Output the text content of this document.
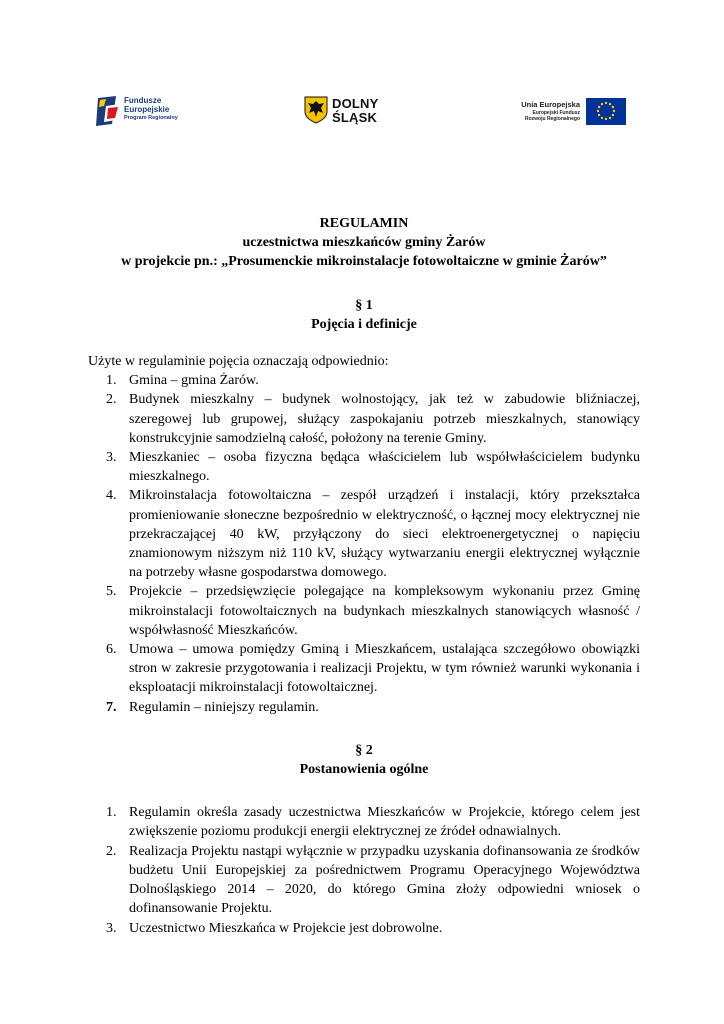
Fundusze
Europejskie
Program Regionalny
DOLNY
ŚLĄSK
Unia Europejska
Europejski Fundusz
Rozwoju Regionalnego

REGULAMIN

uczestnictwa mieszkańców gminy Żarów

w projekcie pn.: „Prosumenckie mikroinstalacje fotowoltaiczne w gminie Żarów”

§ 1

Pojęcia i definicje

Użyte w regulaminie pojęcia oznaczają odpowiednio:

1. Gmina – gmina Żarów.
2. Budynek mieszkalny – budynek wolnostojący, jak też w zabudowie bliźniaczej, szeregowej lub grupowej, służący zaspokajaniu potrzeb mieszkalnych, stanowiący konstrukcyjnie samodzielną całość, położony na terenie Gminy.
3. Mieszkaniec – osoba fizyczna będąca właścicielem lub współwłaścicielem budynku mieszkalnego.
4. Mikroinstalacja fotowoltaiczna – zespół urządzeń i instalacji, który przekształca promieniowanie słoneczne bezpośrednio w elektryczność, o łącznej mocy elektrycznej nie przekraczającej 40 kW, przyłączony do sieci elektroenergetycznej o napięciu znamionowym niższym niż 110 kV, służący wytwarzaniu energii elektrycznej wyłącznie na potrzeby własne gospodarstwa domowego.
5. Projekcie – przedsięwzięcie polegające na kompleksowym wykonaniu przez Gminę mikroinstalacji fotowoltaicznych na budynkach mieszkalnych stanowiących własność / współwłasność Mieszkańców.
6. Umowa – umowa pomiędzy Gminą i Mieszkańcem, ustalająca szczegółowo obowiązki stron w zakresie przygotowania i realizacji Projektu, w tym również warunki wykonania i eksploatacji mikroinstalacji fotowoltaicznej.
7. Regulamin – niniejszy regulamin.

§ 2

Postanowienia ogólne

1. Regulamin określa zasady uczestnictwa Mieszkańców w Projekcie, którego celem jest zwiększenie poziomu produkcji energii elektrycznej ze źródeł odnawialnych.
2. Realizacja Projektu nastąpi wyłącznie w przypadku uzyskania dofinansowania ze środków budżetu Unii Europejskiej za pośrednictwem Programu Operacyjnego Województwa Dolnośląskiego 2014 – 2020, do którego Gmina złoży odpowiedni wniosek o dofinansowanie Projektu.
3. Uczestnictwo Mieszkańca w Projekcie jest dobrowolne.
